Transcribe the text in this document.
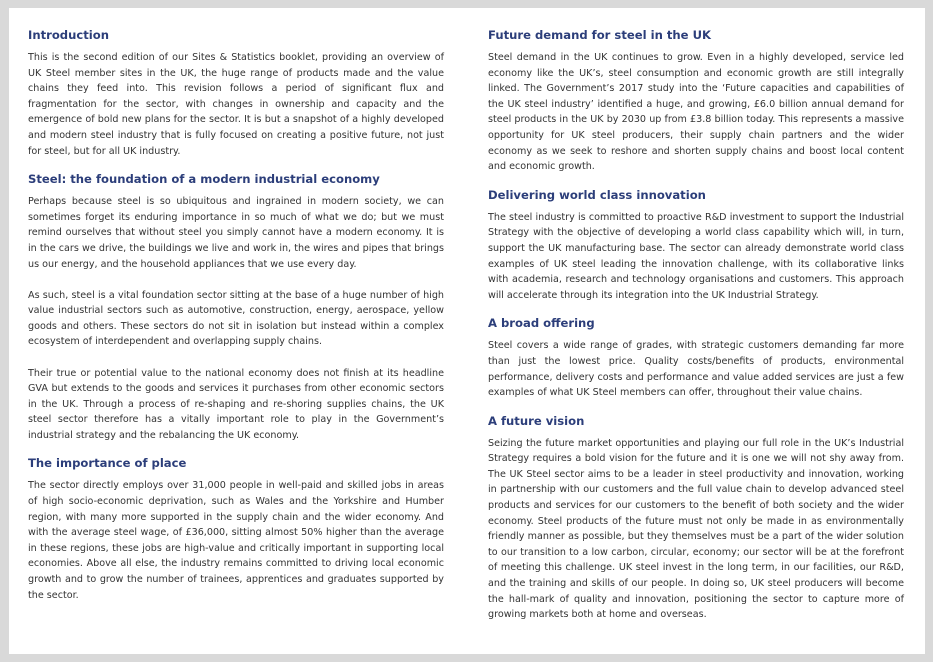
Introduction

This is the second edition of our Sites & Statistics booklet, providing an overview of UK Steel member sites in the UK, the huge range of products made and the value chains they feed into. This revision follows a period of significant flux and fragmentation for the sector, with changes in ownership and capacity and the emergence of bold new plans for the sector. It is but a snapshot of a highly developed and modern steel industry that is fully focused on creating a positive future, not just for steel, but for all UK industry.

Steel: the foundation of a modern industrial economy

Perhaps because steel is so ubiquitous and ingrained in modern society, we can sometimes forget its enduring importance in so much of what we do; but we must remind ourselves that without steel you simply cannot have a modern economy. It is in the cars we drive, the buildings we live and work in, the wires and pipes that brings us our energy, and the household appliances that we use every day.

As such, steel is a vital foundation sector sitting at the base of a huge number of high value industrial sectors such as automotive, construction, energy, aerospace, yellow goods and others. These sectors do not sit in isolation but instead within a complex ecosystem of interdependent and overlapping supply chains.

Their true or potential value to the national economy does not finish at its headline GVA but extends to the goods and services it purchases from other economic sectors in the UK. Through a process of re-shaping and re-shoring supplies chains, the UK steel sector therefore has a vitally important role to play in the Government’s industrial strategy and the rebalancing the UK economy.

The importance of place

The sector directly employs over 31,000 people in well-paid and skilled jobs in areas of high socio-economic deprivation, such as Wales and the Yorkshire and Humber region, with many more supported in the supply chain and the wider economy. And with the average steel wage, of £36,000, sitting almost 50% higher than the average in these regions, these jobs are high-value and critically important in supporting local economies. Above all else, the industry remains committed to driving local economic growth and to grow the number of trainees, apprentices and graduates supported by the sector.

Future demand for steel in the UK

Steel demand in the UK continues to grow. Even in a highly developed, service led economy like the UK’s, steel consumption and economic growth are still integrally linked. The Government’s 2017 study into the ‘Future capacities and capabilities of the UK steel industry’ identified a huge, and growing, £6.0 billion annual demand for steel products in the UK by 2030 up from £3.8 billion today. This represents a massive opportunity for UK steel producers, their supply chain partners and the wider economy as we seek to reshore and shorten supply chains and boost local content and economic growth.

Delivering world class innovation

The steel industry is committed to proactive R&D investment to support the Industrial Strategy with the objective of developing a world class capability which will, in turn, support the UK manufacturing base. The sector can already demonstrate world class examples of UK steel leading the innovation challenge, with its collaborative links with academia, research and technology organisations and customers. This approach will accelerate through its integration into the UK Industrial Strategy.

A broad offering

Steel covers a wide range of grades, with strategic customers demanding far more than just the lowest price. Quality costs/benefits of products, environmental performance, delivery costs and performance and value added services are just a few examples of what UK Steel members can offer, throughout their value chains.

A future vision

Seizing the future market opportunities and playing our full role in the UK’s Industrial Strategy requires a bold vision for the future and it is one we will not shy away from. The UK Steel sector aims to be a leader in steel productivity and innovation, working in partnership with our customers and the full value chain to develop advanced steel products and services for our customers to the benefit of both society and the wider economy. Steel products of the future must not only be made in as environmentally friendly manner as possible, but they themselves must be a part of the wider solution to our transition to a low carbon, circular, economy; our sector will be at the forefront of meeting this challenge. UK steel invest in the long term, in our facilities, our R&D, and the training and skills of our people. In doing so, UK steel producers will become the hall-mark of quality and innovation, positioning the sector to capture more of growing markets both at home and overseas.
